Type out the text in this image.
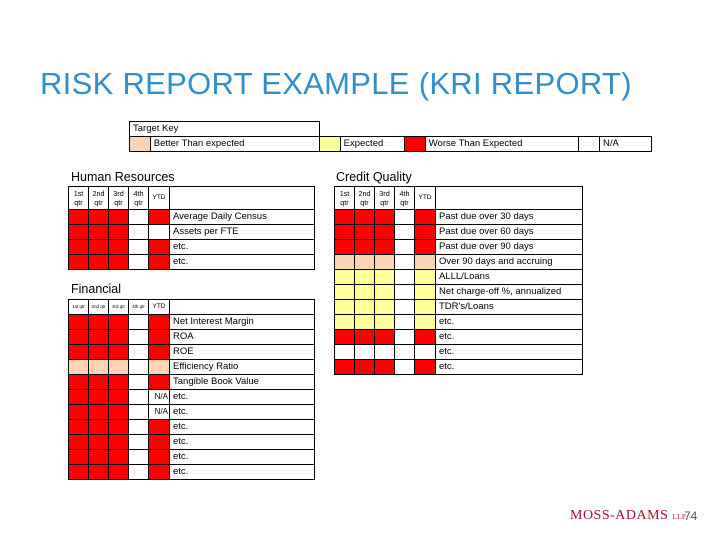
RISK REPORT EXAMPLE (KRI REPORT)
Target Key							
	Better Than expected		Expected		Worse Than Expected		N/A
Human Resources	Credit Quality
Financial
1st qtr	2nd qtr	3rd qtr	4th qtr	YTD	
					Average Daily Census
					Assets per FTE
					etc.
					etc.
1st qtr	2nd qtr	3rd qtr	4th qtr	YTD	
					Net Interest Margin
					ROA
					ROE
					Efficiency Ratio
					Tangible Book Value
				N/A	etc.
				N/A	etc.
					etc.
					etc.
					etc.
					etc.
1st qtr	2nd qtr	3rd qtr	4th qtr	YTD	
					Past due over 30 days
					Past due over 60 days
					Past due over 90 days
					Over 90 days and accruing
					ALLL/Loans
					Net charge-off %, annualized
					TDR's/Loans
					etc.
					etc.
					etc.
					etc.
MOSS-ADAMS LLP
74
